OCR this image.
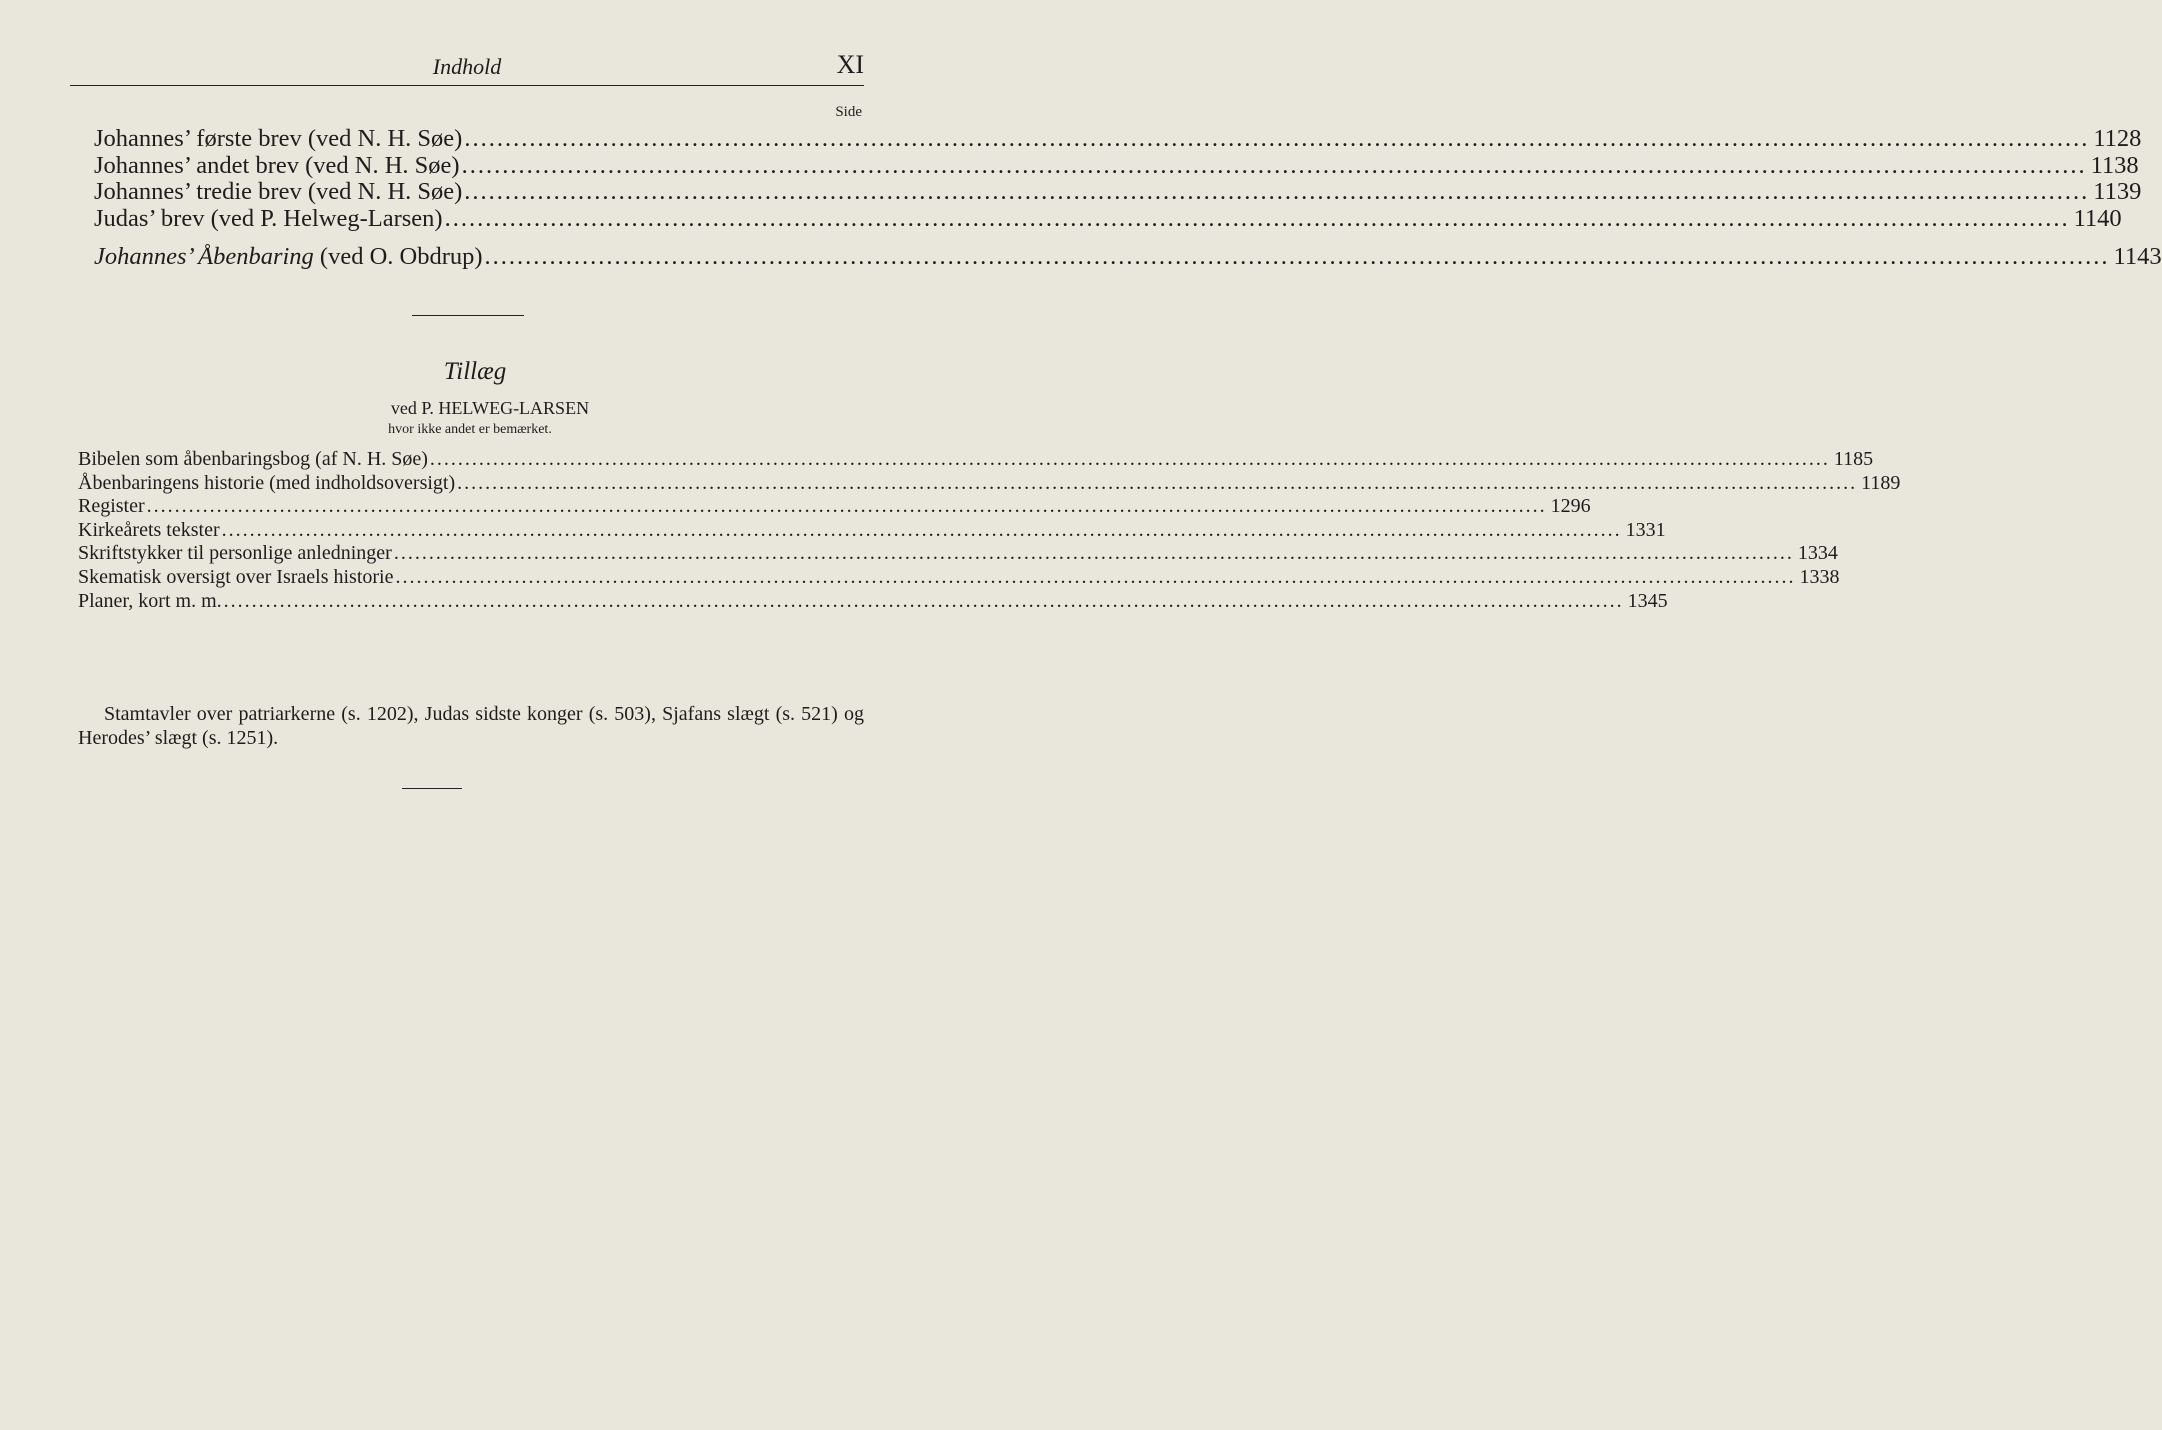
Indhold	XI
Side
Johannes’ første brev (ved N. H. Søe) ........................................................................................................................................................................................................ 1128
Johannes’ andet brev (ved N. H. Søe) ........................................................................................................................................................................................................ 1138
Johannes’ tredie brev (ved N. H. Søe) ........................................................................................................................................................................................................ 1139
Judas’ brev (ved P. Helweg-Larsen) ........................................................................................................................................................................................................ 1140
Johannes’ Åbenbaring (ved O. Obdrup) ........................................................................................................................................................................................................ 1143
Tillæg
ved P. HELWEG-LARSEN
hvor ikke andet er bemærket.
Bibelen som åbenbaringsbog (af N. H. Søe) ........................................................................................................................................................................................................ 1185
Åbenbaringens historie (med indholdsoversigt) ........................................................................................................................................................................................................ 1189
Register ........................................................................................................................................................................................................ 1296
Kirkeårets tekster ........................................................................................................................................................................................................ 1331
Skriftstykker til personlige anledninger ........................................................................................................................................................................................................ 1334
Skematisk oversigt over Israels historie ........................................................................................................................................................................................................ 1338
Planer, kort m. m. ........................................................................................................................................................................................................ 1345
Stamtavler over patriarkerne (s. 1202), Judas sidste konger (s. 503), Sjafans slægt (s. 521) og Herodes’ slægt (s. 1251).
